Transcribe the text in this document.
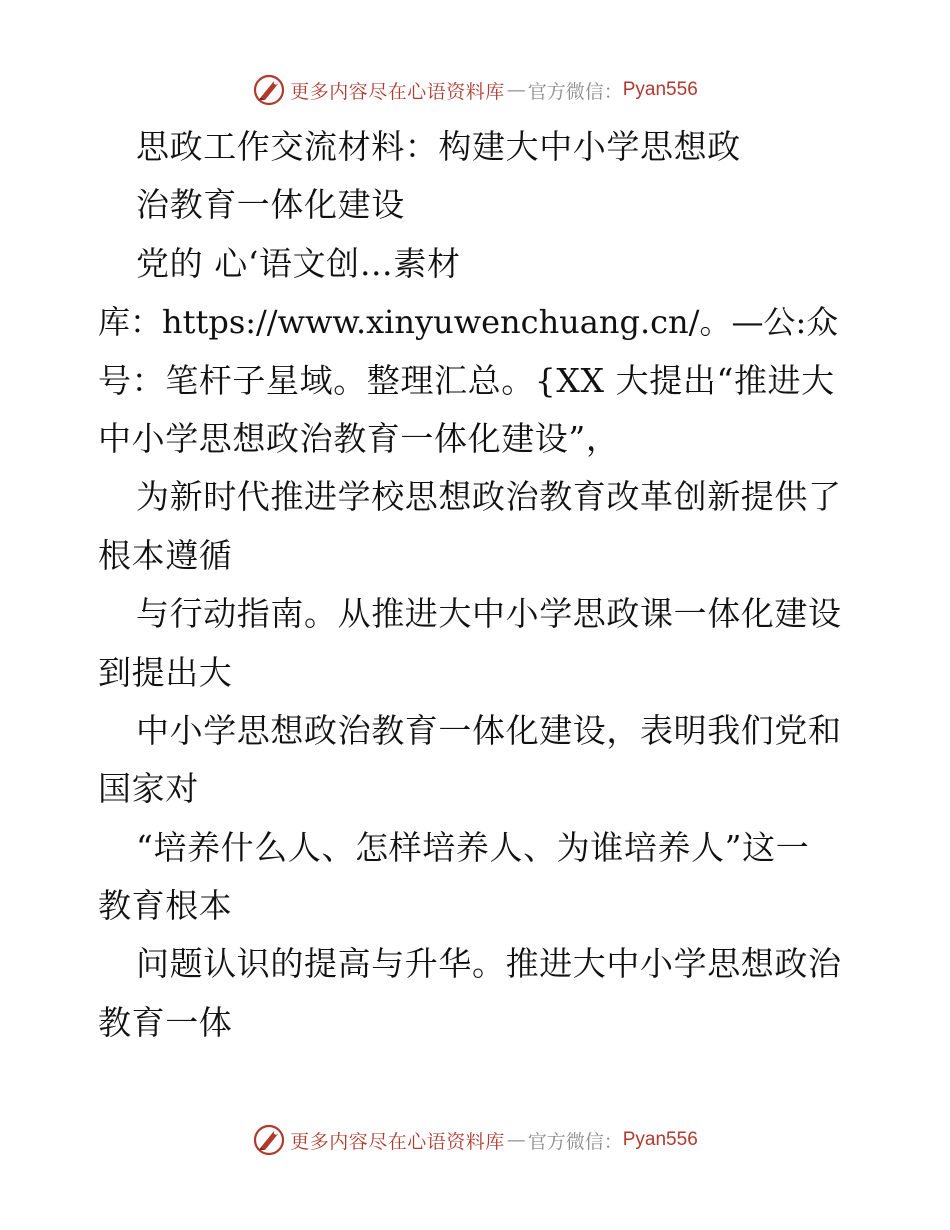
更多内容尽在心语资料库 — 官方微信： Pyan556
思政工作交流材料：构建大中小学思想政
治教育一体化建设
党的 心‘语文创…素材
库：https://www.xinyuwenchuang.cn/。—公:众
号：笔杆子星域。整理汇总。{XX 大提出“推进大
中小学思想政治教育一体化建设”，
为新时代推进学校思想政治教育改革创新提供了
根本遵循
与行动指南。从推进大中小学思政课一体化建设
到提出大
中小学思想政治教育一体化建设，表明我们党和
国家对
“培养什么人、怎样培养人、为谁培养人”这一
教育根本
问题认识的提高与升华。推进大中小学思想政治
教育一体
更多内容尽在心语资料库 — 官方微信： Pyan556
